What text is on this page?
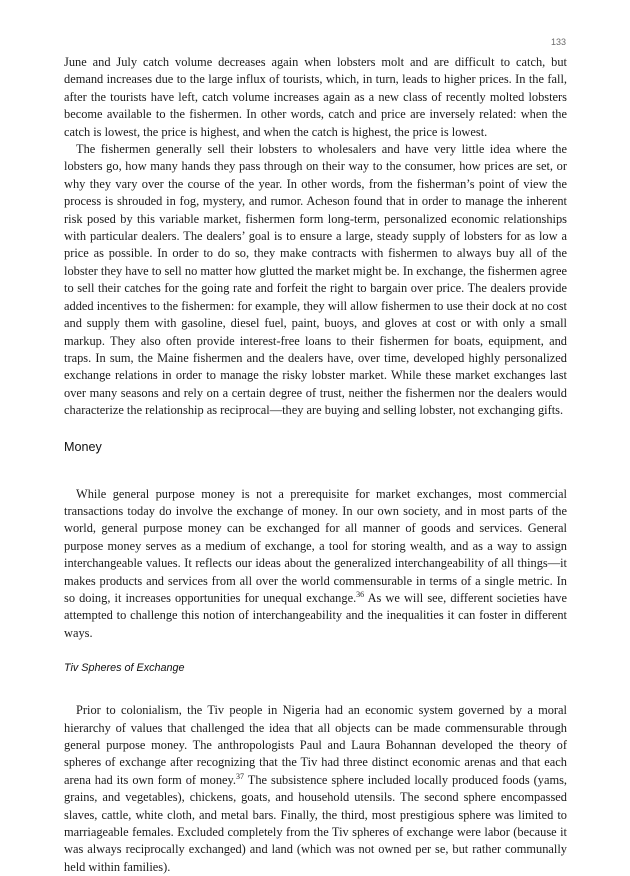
133

June and July catch volume decreases again when lobsters molt and are difficult to catch, but demand increases due to the large influx of tourists, which, in turn, leads to higher prices. In the fall, after the tourists have left, catch volume increases again as a new class of recently molted lobsters become available to the fishermen. In other words, catch and price are inversely related: when the catch is lowest, the price is highest, and when the catch is highest, the price is lowest.

The fishermen generally sell their lobsters to wholesalers and have very little idea where the lobsters go, how many hands they pass through on their way to the consumer, how prices are set, or why they vary over the course of the year. In other words, from the fisherman’s point of view the process is shrouded in fog, mystery, and rumor. Acheson found that in order to manage the inherent risk posed by this variable market, fishermen form long-term, personalized economic relationships with particular dealers. The dealers’ goal is to ensure a large, steady supply of lobsters for as low a price as possible. In order to do so, they make contracts with fishermen to always buy all of the lobster they have to sell no matter how glutted the market might be. In exchange, the fishermen agree to sell their catches for the going rate and forfeit the right to bargain over price. The dealers provide added incentives to the fishermen: for example, they will allow fishermen to use their dock at no cost and supply them with gasoline, diesel fuel, paint, buoys, and gloves at cost or with only a small markup. They also often provide interest-free loans to their fishermen for boats, equipment, and traps. In sum, the Maine fishermen and the dealers have, over time, developed highly personalized exchange relations in order to manage the risky lobster market. While these market exchanges last over many seasons and rely on a certain degree of trust, neither the fishermen nor the dealers would characterize the relationship as reciprocal—they are buying and selling lobster, not exchanging gifts.

Money

While general purpose money is not a prerequisite for market exchanges, most commercial transactions today do involve the exchange of money. In our own society, and in most parts of the world, general purpose money can be exchanged for all manner of goods and services. General purpose money serves as a medium of exchange, a tool for storing wealth, and as a way to assign interchangeable values. It reflects our ideas about the generalized interchangeability of all things—it makes products and services from all over the world commensurable in terms of a single metric. In so doing, it increases opportunities for unequal exchange.$^{36}$ As we will see, different societies have attempted to challenge this notion of interchangeability and the inequalities it can foster in different ways.

Tiv Spheres of Exchange

Prior to colonialism, the Tiv people in Nigeria had an economic system governed by a moral hierarchy of values that challenged the idea that all objects can be made commensurable through general purpose money. The anthropologists Paul and Laura Bohannan developed the theory of spheres of exchange after recognizing that the Tiv had three distinct economic arenas and that each arena had its own form of money.$^{37}$ The subsistence sphere included locally produced foods (yams, grains, and vegetables), chickens, goats, and household utensils. The second sphere encompassed slaves, cattle, white cloth, and metal bars. Finally, the third, most prestigious sphere was limited to marriageable females. Excluded completely from the Tiv spheres of exchange were labor (because it was always reciprocally exchanged) and land (which was not owned per se, but rather communally held within families).
